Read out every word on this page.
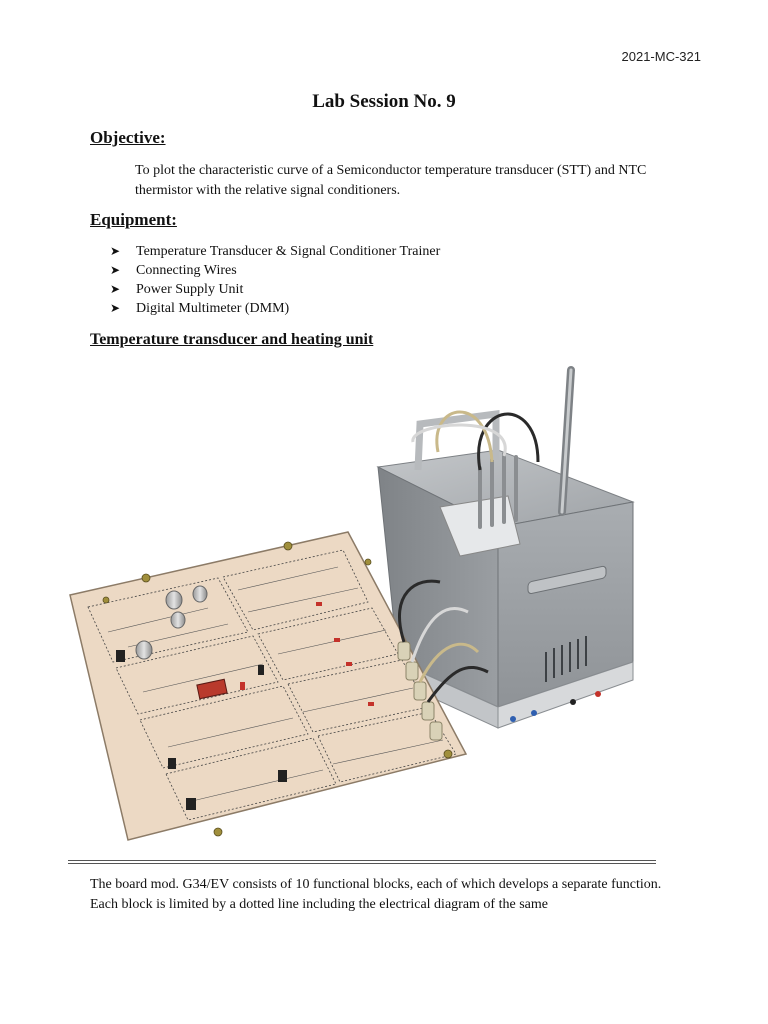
2021-MC-321
Lab Session No. 9
Objective:
To plot the characteristic curve of a Semiconductor temperature transducer (STT) and NTC thermistor with the relative signal conditioners.
Equipment:
➤ Temperature Transducer & Signal Conditioner Trainer
➤ Connecting Wires
➤ Power Supply Unit
➤ Digital Multimeter (DMM)
Temperature transducer and heating unit
The board mod. G34/EV consists of 10 functional blocks, each of which develops a separate function. Each block is limited by a dotted line including the electrical diagram of the same
